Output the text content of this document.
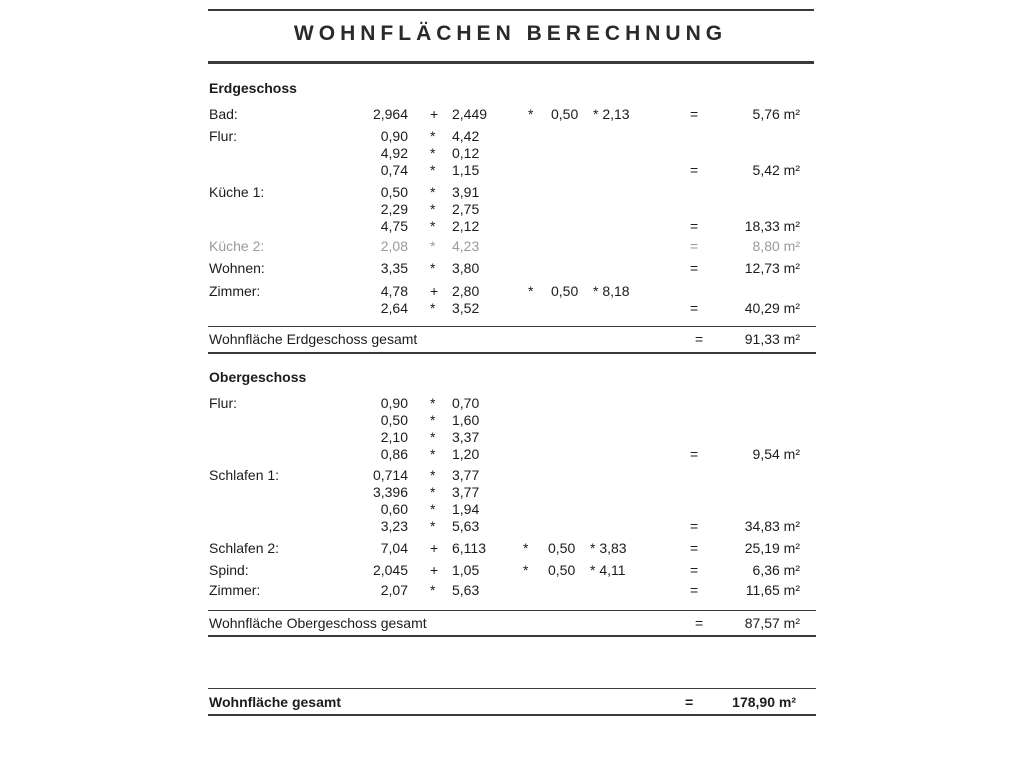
WOHNFLÄCHEN BERECHNUNG
Erdgeschoss
Bad:	2,964 + 2,449	* 0,50 * 2,13	=	5,76 m²
Flur:	0,90 *	4,42
4,92 *	0,12
0,74 *	1,15	=	5,42 m²
Küche 1:	0,50 *	3,91
2,29 *	2,75
4,75 *	2,12	=	18,33 m²
Küche 2:	2,08 *	4,23	=	8,80 m²
Wohnen:	3,35 *	3,80	=	12,73 m²
Zimmer:	4,78 + 2,80	* 0,50 * 8,18
2,64 *	3,52	=	40,29 m²
Wohnfläche Erdgeschoss gesamt	=	91,33 m²
Obergeschoss
Flur:	0,90 *	0,70
0,50 *	1,60
2,10 *	3,37
0,86 *	1,20	=	9,54 m²
Schlafen 1:	0,714 *	3,77
3,396 *	3,77
0,60 *	1,94
3,23 *	5,63	=	34,83 m²
Schlafen 2:	7,04 + 6,113	* 0,50 * 3,83	=	25,19 m²
Spind:	2,045 + 1,05	* 0,50 * 4,11	=	6,36 m²
Zimmer:	2,07 *	5,63	=	11,65 m²
Wohnfläche Obergeschoss gesamt	=	87,57 m²
Wohnfläche gesamt	=	178,90 m²
